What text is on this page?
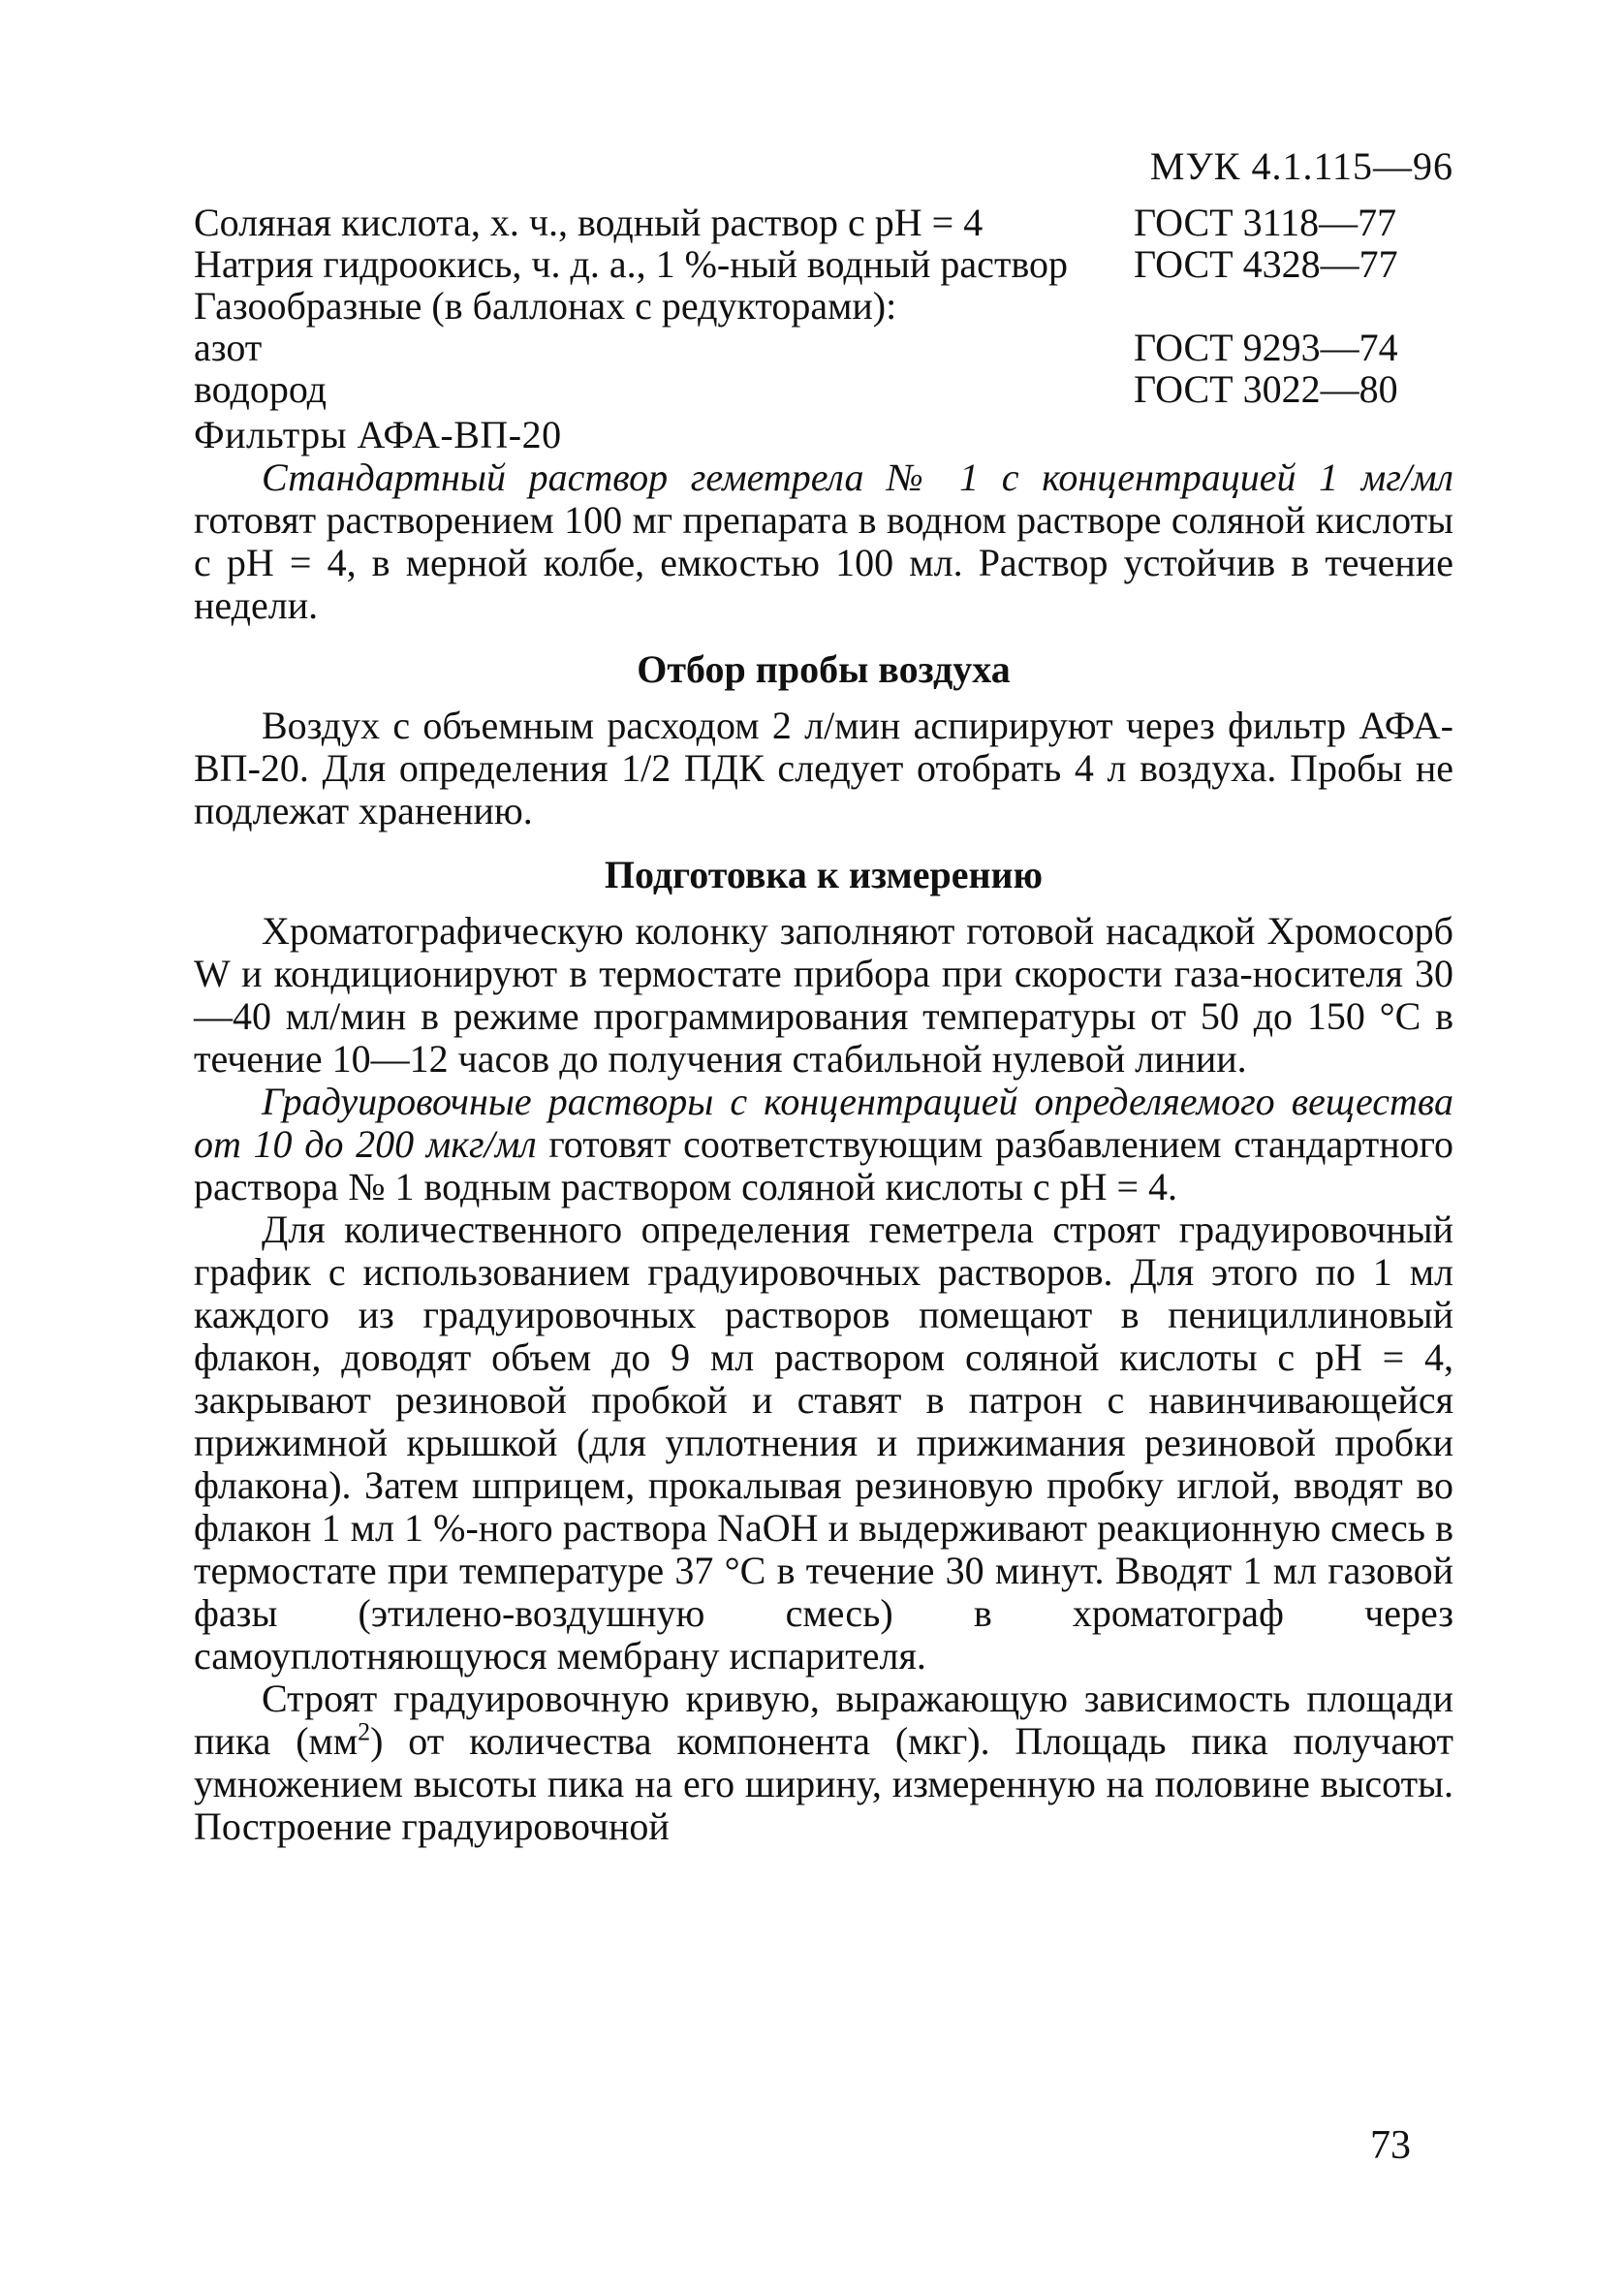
МУК 4.1.115—96
Соляная кислота, х. ч., водный раствор с рН = 4	ГОСТ 3118—77
Натрия гидроокись, ч. д. а., 1 %-ный водный раствор	ГОСТ 4328—77
Газообразные (в баллонах с редукторами):	
азот	ГОСТ 9293—74
водород	ГОСТ 3022—80
Фильтры АФА-ВП-20

Стандартный раствор геметрела № 1 с концентрацией 1 мг/мл готовят растворением 100 мг препарата в водном растворе соляной кислоты с рН = 4, в мерной колбе, емкостью 100 мл. Раствор устойчив в течение недели.

Отбор пробы воздуха

Воздух с объемным расходом 2 л/мин аспирируют через фильтр АФА-ВП-20. Для определения 1/2 ПДК следует отобрать 4 л воздуха. Пробы не подлежат хранению.

Подготовка к измерению

Хроматографическую колонку заполняют готовой насадкой Хромосорб W и кондиционируют в термостате прибора при скорости газа-носителя 30—40 мл/мин в режиме программирования температуры от 50 до 150 °С в течение 10—12 часов до получения стабильной нулевой линии.

Градуировочные растворы с концентрацией определяемого вещества от 10 до 200 мкг/мл готовят соответствующим разбавлением стандартного раствора № 1 водным раствором соляной кислоты с рН = 4.

Для количественного определения геметрела строят градуировочный график с использованием градуировочных растворов. Для этого по 1 мл каждого из градуировочных растворов помещают в пенициллиновый флакон, доводят объем до 9 мл раствором соляной кислоты с рН = 4, закрывают резиновой пробкой и ставят в патрон с навинчивающейся прижимной крышкой (для уплотнения и прижимания резиновой пробки флакона). Затем шприцем, прокалывая резиновую пробку иглой, вводят во флакон 1 мл 1 %-ного раствора NaOH и выдерживают реакционную смесь в термостате при температуре 37 °С в течение 30 минут. Вводят 1 мл газовой фазы (этилено-воздушную смесь) в хроматограф через самоуплотняющуюся мембрану испарителя.

Строят градуировочную кривую, выражающую зависимость площади пика $(мм^2)$ от количества компонента (мкг). Площадь пика получают умножением высоты пика на его ширину, измеренную на половине высоты. Построение градуировочной

73
